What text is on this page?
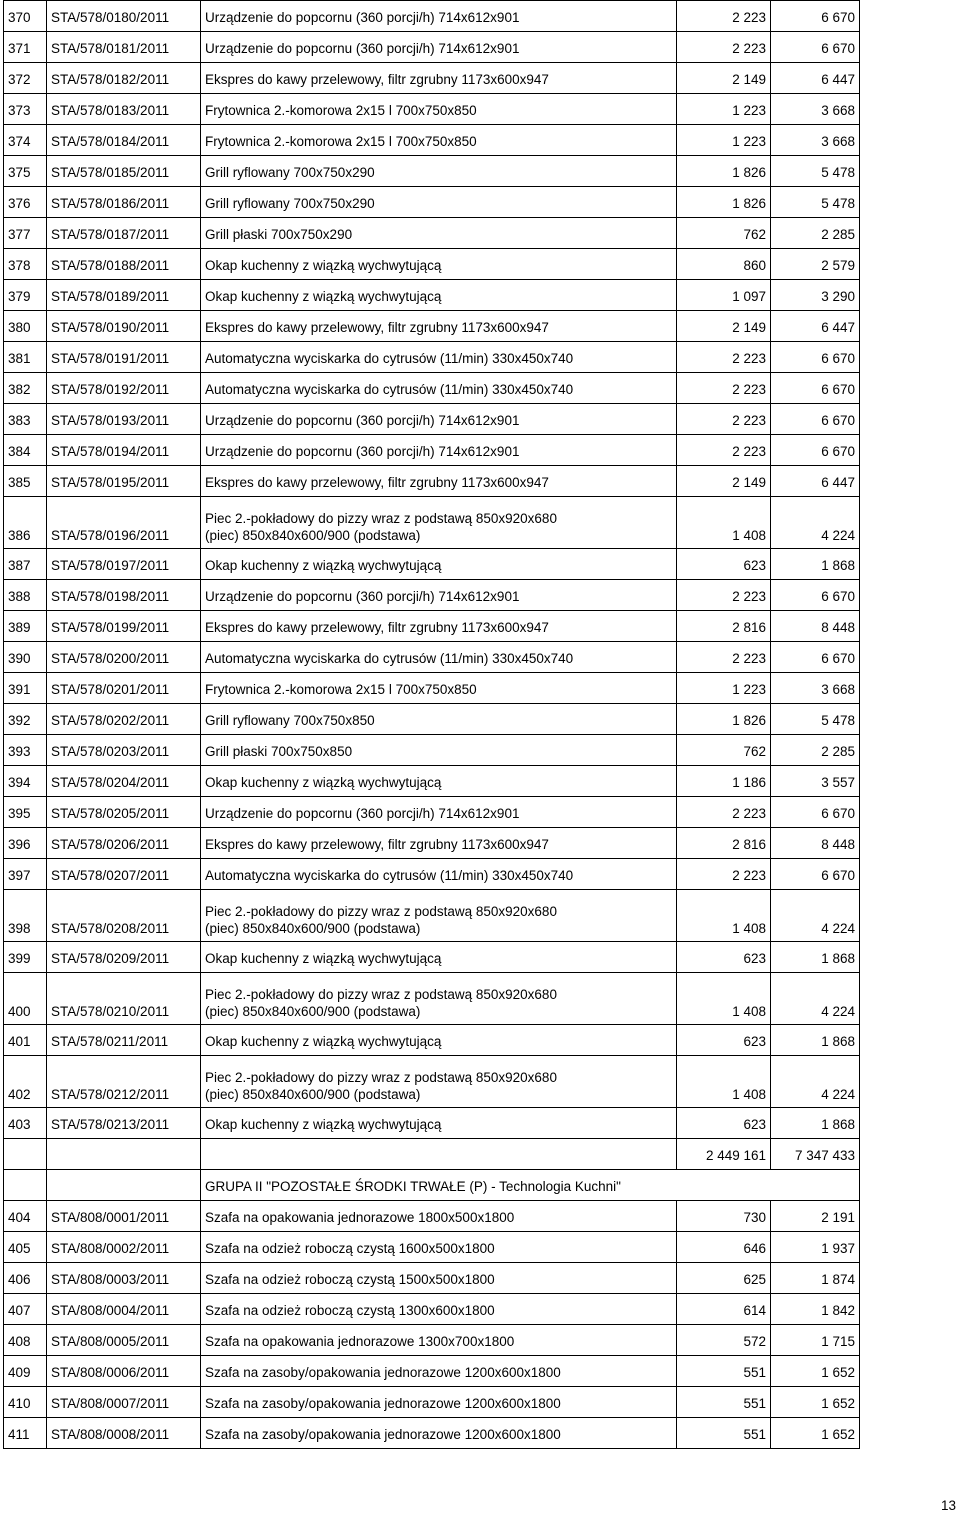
370	STA/578/0180/2011	Urządzenie do popcornu (360 porcji/h) 714x612x901	2 223	6 670
371	STA/578/0181/2011	Urządzenie do popcornu (360 porcji/h) 714x612x901	2 223	6 670
372	STA/578/0182/2011	Ekspres do kawy przelewowy, filtr zgrubny 1173x600x947	2 149	6 447
373	STA/578/0183/2011	Frytownica 2.-komorowa 2x15 l 700x750x850	1 223	3 668
374	STA/578/0184/2011	Frytownica 2.-komorowa 2x15 l 700x750x850	1 223	3 668
375	STA/578/0185/2011	Grill ryflowany 700x750x290	1 826	5 478
376	STA/578/0186/2011	Grill ryflowany 700x750x290	1 826	5 478
377	STA/578/0187/2011	Grill płaski 700x750x290	762	2 285
378	STA/578/0188/2011	Okap kuchenny z wiązką wychwytującą	860	2 579
379	STA/578/0189/2011	Okap kuchenny z wiązką wychwytującą	1 097	3 290
380	STA/578/0190/2011	Ekspres do kawy przelewowy, filtr zgrubny 1173x600x947	2 149	6 447
381	STA/578/0191/2011	Automatyczna wyciskarka do cytrusów (11/min) 330x450x740	2 223	6 670
382	STA/578/0192/2011	Automatyczna wyciskarka do cytrusów (11/min) 330x450x740	2 223	6 670
383	STA/578/0193/2011	Urządzenie do popcornu (360 porcji/h) 714x612x901	2 223	6 670
384	STA/578/0194/2011	Urządzenie do popcornu (360 porcji/h) 714x612x901	2 223	6 670
385	STA/578/0195/2011	Ekspres do kawy przelewowy, filtr zgrubny 1173x600x947	2 149	6 447
386	STA/578/0196/2011	Piec 2.-pokładowy do pizzy wraz z podstawą 850x920x680
(piec) 850x840x600/900 (podstawa)	1 408	4 224
387	STA/578/0197/2011	Okap kuchenny z wiązką wychwytującą	623	1 868
388	STA/578/0198/2011	Urządzenie do popcornu (360 porcji/h) 714x612x901	2 223	6 670
389	STA/578/0199/2011	Ekspres do kawy przelewowy, filtr zgrubny 1173x600x947	2 816	8 448
390	STA/578/0200/2011	Automatyczna wyciskarka do cytrusów (11/min) 330x450x740	2 223	6 670
391	STA/578/0201/2011	Frytownica 2.-komorowa 2x15 l 700x750x850	1 223	3 668
392	STA/578/0202/2011	Grill ryflowany 700x750x850	1 826	5 478
393	STA/578/0203/2011	Grill płaski 700x750x850	762	2 285
394	STA/578/0204/2011	Okap kuchenny z wiązką wychwytującą	1 186	3 557
395	STA/578/0205/2011	Urządzenie do popcornu (360 porcji/h) 714x612x901	2 223	6 670
396	STA/578/0206/2011	Ekspres do kawy przelewowy, filtr zgrubny 1173x600x947	2 816	8 448
397	STA/578/0207/2011	Automatyczna wyciskarka do cytrusów (11/min) 330x450x740	2 223	6 670
398	STA/578/0208/2011	Piec 2.-pokładowy do pizzy wraz z podstawą 850x920x680
(piec) 850x840x600/900 (podstawa)	1 408	4 224
399	STA/578/0209/2011	Okap kuchenny z wiązką wychwytującą	623	1 868
400	STA/578/0210/2011	Piec 2.-pokładowy do pizzy wraz z podstawą 850x920x680
(piec) 850x840x600/900 (podstawa)	1 408	4 224
401	STA/578/0211/2011	Okap kuchenny z wiązką wychwytującą	623	1 868
402	STA/578/0212/2011	Piec 2.-pokładowy do pizzy wraz z podstawą 850x920x680
(piec) 850x840x600/900 (podstawa)	1 408	4 224
403	STA/578/0213/2011	Okap kuchenny z wiązką wychwytującą	623	1 868
			2 449 161	7 347 433
		GRUPA II "POZOSTAŁE ŚRODKI TRWAŁE (P) - Technologia Kuchni"		
404	STA/808/0001/2011	Szafa na opakowania jednorazowe 1800x500x1800	730	2 191
405	STA/808/0002/2011	Szafa na odzież roboczą czystą 1600x500x1800	646	1 937
406	STA/808/0003/2011	Szafa na odzież roboczą czystą 1500x500x1800	625	1 874
407	STA/808/0004/2011	Szafa na odzież roboczą czystą 1300x600x1800	614	1 842
408	STA/808/0005/2011	Szafa na opakowania jednorazowe 1300x700x1800	572	1 715
409	STA/808/0006/2011	Szafa na zasoby/opakowania jednorazowe 1200x600x1800	551	1 652
410	STA/808/0007/2011	Szafa na zasoby/opakowania jednorazowe 1200x600x1800	551	1 652
411	STA/808/0008/2011	Szafa na zasoby/opakowania jednorazowe 1200x600x1800	551	1 652
13
